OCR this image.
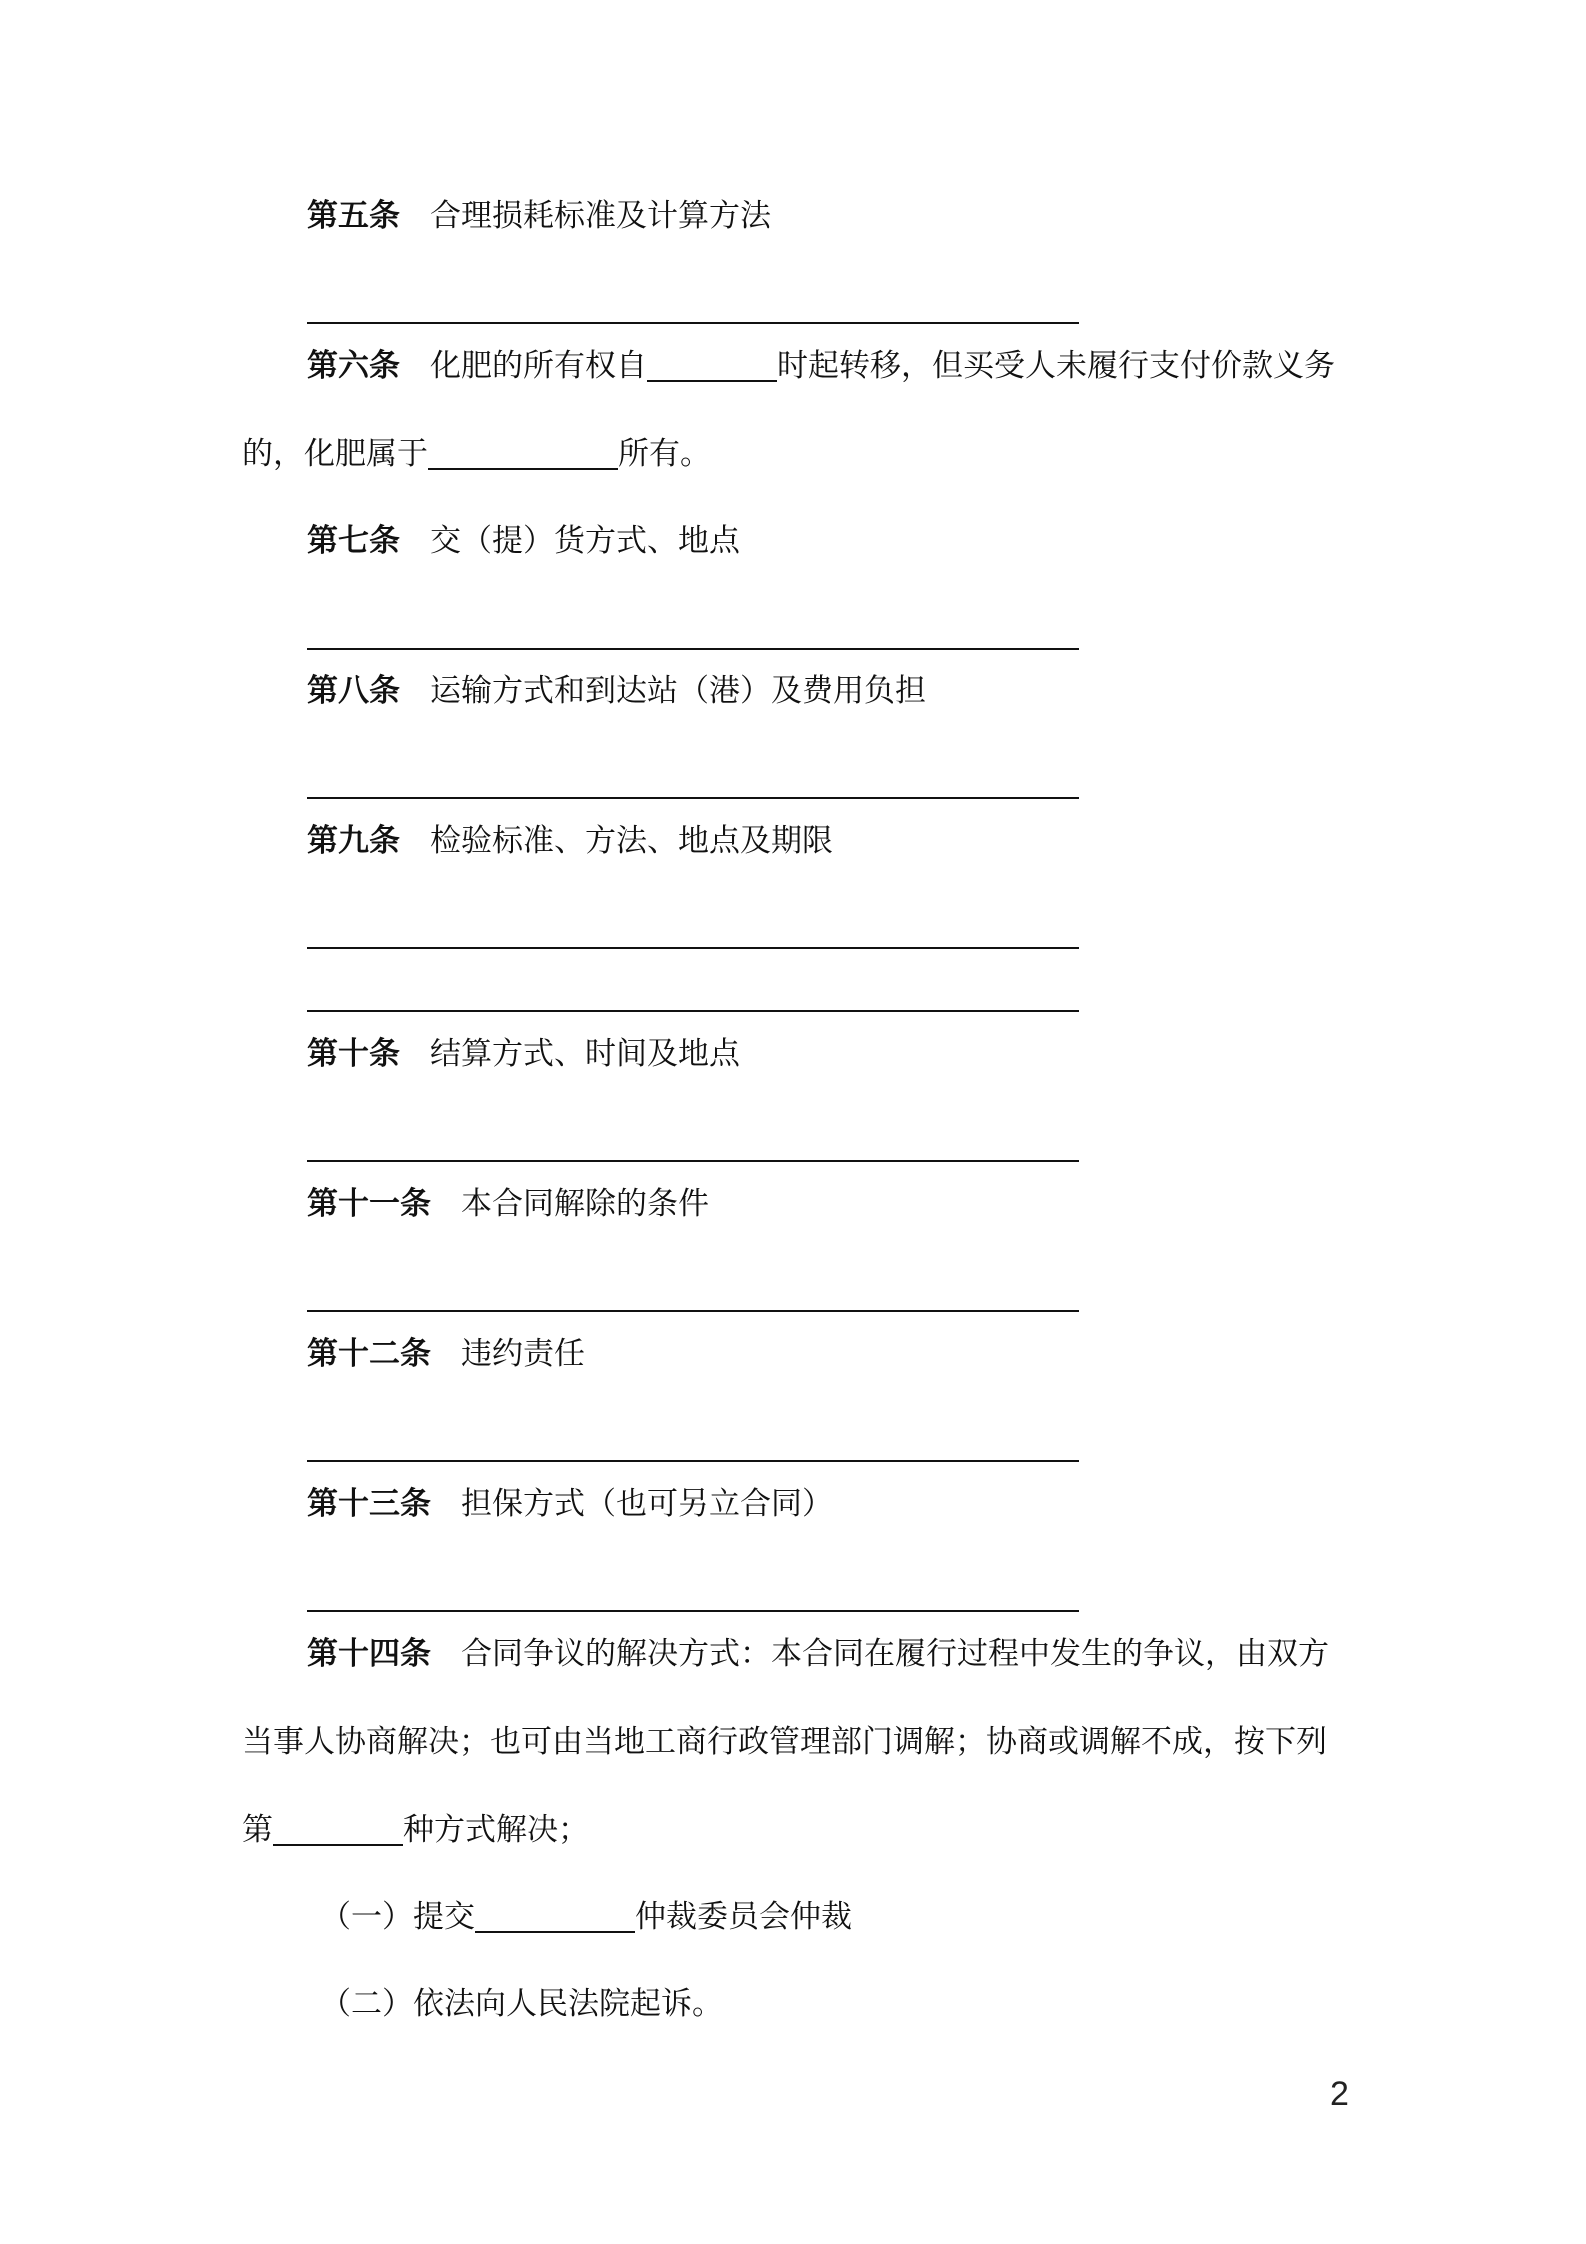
第五条 合理损耗标准及计算方法
第六条 化肥的所有权自	时起转移，但买受人未履行支付价款义务
的，化肥属于	所有。
第七条 交（提）货方式、地点
第八条 运输方式和到达站（港）及费用负担
第九条 检验标准、方法、地点及期限
第十条 结算方式、时间及地点
第十一条 本合同解除的条件
第十二条 违约责任
第十三条 担保方式（也可另立合同）
第十四条 合同争议的解决方式：本合同在履行过程中发生的争议，由双方
当事人协商解决；也可由当地工商行政管理部门调解；协商或调解不成，按下列
第	种方式解决；
（一）提交	仲裁委员会仲裁
（二）依法向人民法院起诉。
2
